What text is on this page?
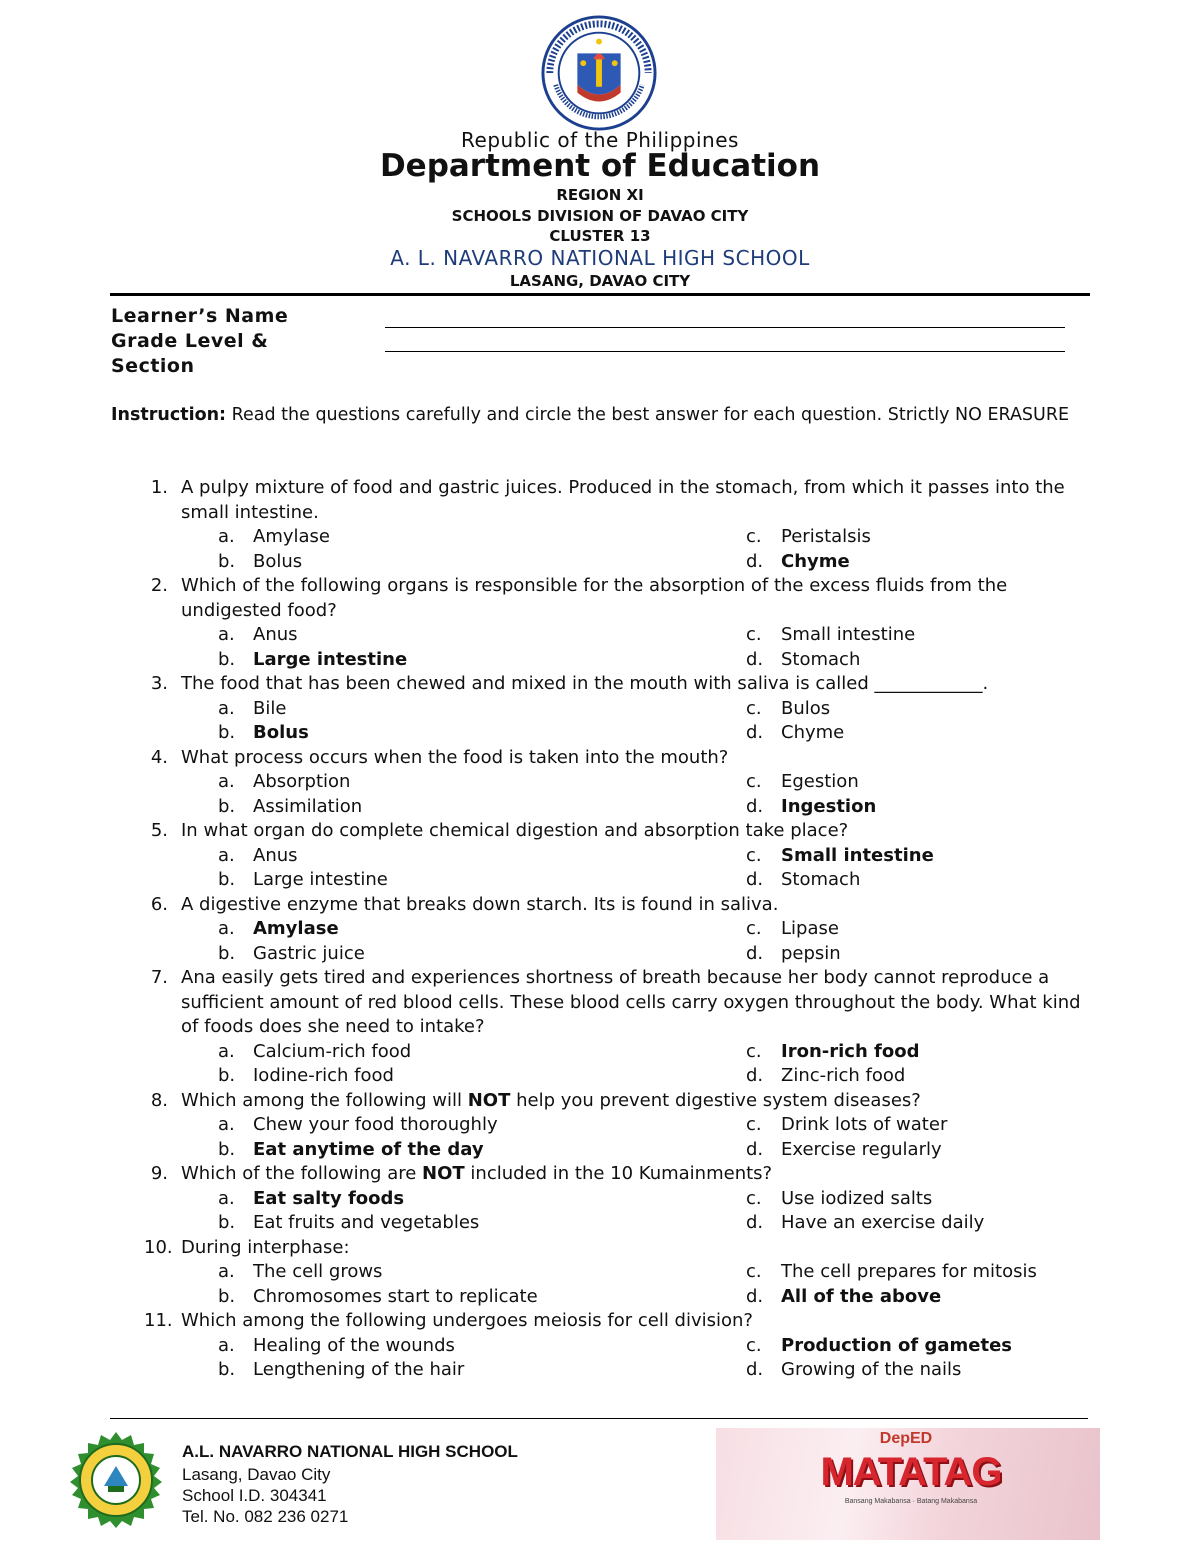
Republic of the Philippines
Department of Education
REGION XI
SCHOOLS DIVISION OF DAVAO CITY
CLUSTER 13
A. L. NAVARRO NATIONAL HIGH SCHOOL
LASANG, DAVAO CITY
Learner’s Name
Grade Level &
Section
Instruction: Read the questions carefully and circle the best answer for each question. Strictly NO ERASURE
1. A pulpy mixture of food and gastric juices. Produced in the stomach, from which it passes into the small intestine.
a. Amylase	c. Peristalsis
b. Bolus	d. Chyme
2. Which of the following organs is responsible for the absorption of the excess fluids from the undigested food?
a. Anus	c. Small intestine
b. Large intestine	d. Stomach
3. The food that has been chewed and mixed in the mouth with saliva is called ____________.
a. Bile	c. Bulos
b. Bolus	d. Chyme
4. What process occurs when the food is taken into the mouth?
a. Absorption	c. Egestion
b. Assimilation	d. Ingestion
5. In what organ do complete chemical digestion and absorption take place?
a. Anus	c. Small intestine
b. Large intestine	d. Stomach
6. A digestive enzyme that breaks down starch. Its is found in saliva.
a. Amylase	c. Lipase
b. Gastric juice	d. pepsin
7. Ana easily gets tired and experiences shortness of breath because her body cannot reproduce a sufficient amount of red blood cells. These blood cells carry oxygen throughout the body. What kind of foods does she need to intake?
a. Calcium-rich food	c. Iron-rich food
b. Iodine-rich food	d. Zinc-rich food
8. Which among the following will NOT help you prevent digestive system diseases?
a. Chew your food thoroughly	c. Drink lots of water
b. Eat anytime of the day	d. Exercise regularly
9. Which of the following are NOT included in the 10 Kumainments?
a. Eat salty foods	c. Use iodized salts
b. Eat fruits and vegetables	d. Have an exercise daily
10. During interphase:
a. The cell grows	c. The cell prepares for mitosis
b. Chromosomes start to replicate	d. All of the above
11. Which among the following undergoes meiosis for cell division?
a. Healing of the wounds	c. Production of gametes
b. Lengthening of the hair	d. Growing of the nails
A.L. NAVARRO NATIONAL HIGH SCHOOL
Lasang, Davao City
School I.D. 304341
Tel. No. 082 236 0271
DepED
MATATAG
Bansang Makabansa · Batang Makabansa
